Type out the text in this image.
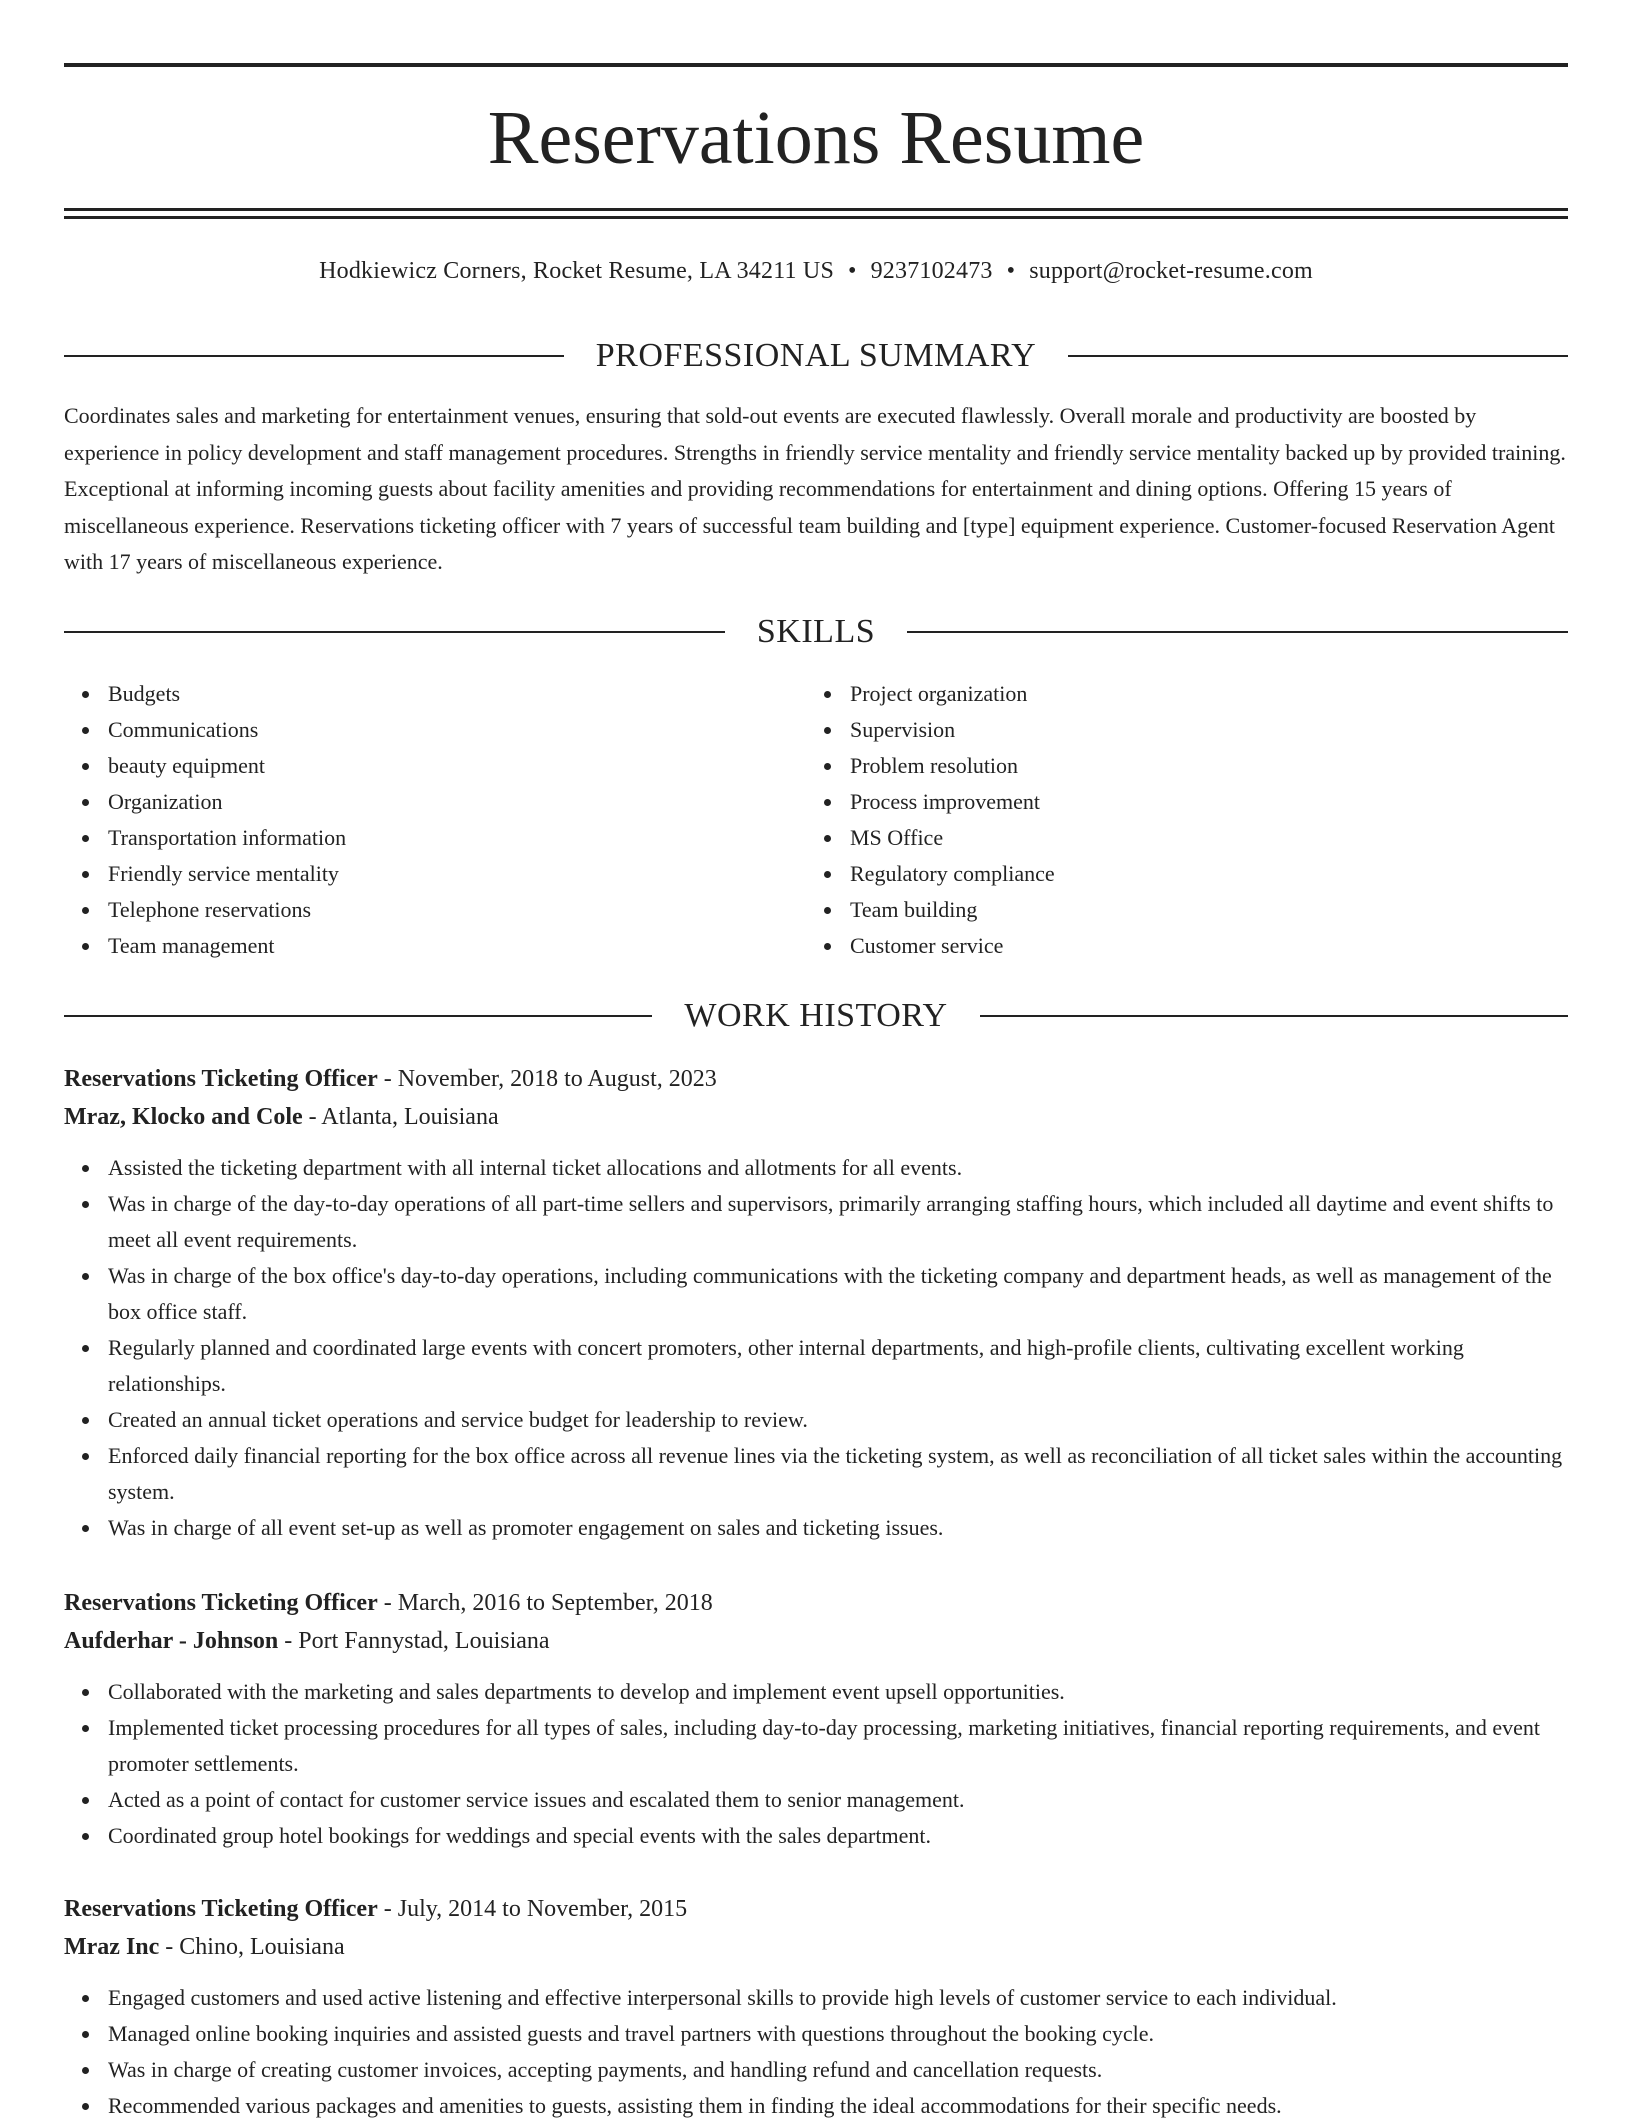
Reservations Resume
Hodkiewicz Corners, Rocket Resume, LA 34211 US • 9237102473 • support@rocket-resume.com
PROFESSIONAL SUMMARY

Coordinates sales and marketing for entertainment venues, ensuring that sold-out events are executed flawlessly. Overall morale and productivity are boosted by experience in policy development and staff management procedures. Strengths in friendly service mentality and friendly service mentality backed up by provided training. Exceptional at informing incoming guests about facility amenities and providing recommendations for entertainment and dining options. Offering 15 years of miscellaneous experience. Reservations ticketing officer with 7 years of successful team building and [type] equipment experience. Customer-focused Reservation Agent with 17 years of miscellaneous experience.

SKILLS
Budgets
Communications
beauty equipment
Organization
Transportation information
Friendly service mentality
Telephone reservations
Team management
Project organization
Supervision
Problem resolution
Process improvement
MS Office
Regulatory compliance
Team building
Customer service
WORK HISTORY
Reservations Ticketing Officer - November, 2018 to August, 2023
Mraz, Klocko and Cole - Atlanta, Louisiana
Assisted the ticketing department with all internal ticket allocations and allotments for all events.
Was in charge of the day-to-day operations of all part-time sellers and supervisors, primarily arranging staffing hours, which included all daytime and event shifts to meet all event requirements.
Was in charge of the box office's day-to-day operations, including communications with the ticketing company and department heads, as well as management of the box office staff.
Regularly planned and coordinated large events with concert promoters, other internal departments, and high-profile clients, cultivating excellent working relationships.
Created an annual ticket operations and service budget for leadership to review.
Enforced daily financial reporting for the box office across all revenue lines via the ticketing system, as well as reconciliation of all ticket sales within the accounting system.
Was in charge of all event set-up as well as promoter engagement on sales and ticketing issues.
Reservations Ticketing Officer - March, 2016 to September, 2018
Aufderhar - Johnson - Port Fannystad, Louisiana
Collaborated with the marketing and sales departments to develop and implement event upsell opportunities.
Implemented ticket processing procedures for all types of sales, including day-to-day processing, marketing initiatives, financial reporting requirements, and event promoter settlements.
Acted as a point of contact for customer service issues and escalated them to senior management.
Coordinated group hotel bookings for weddings and special events with the sales department.
Reservations Ticketing Officer - July, 2014 to November, 2015
Mraz Inc - Chino, Louisiana
Engaged customers and used active listening and effective interpersonal skills to provide high levels of customer service to each individual.
Managed online booking inquiries and assisted guests and travel partners with questions throughout the booking cycle.
Was in charge of creating customer invoices, accepting payments, and handling refund and cancellation requests.
Recommended various packages and amenities to guests, assisting them in finding the ideal accommodations for their specific needs.
